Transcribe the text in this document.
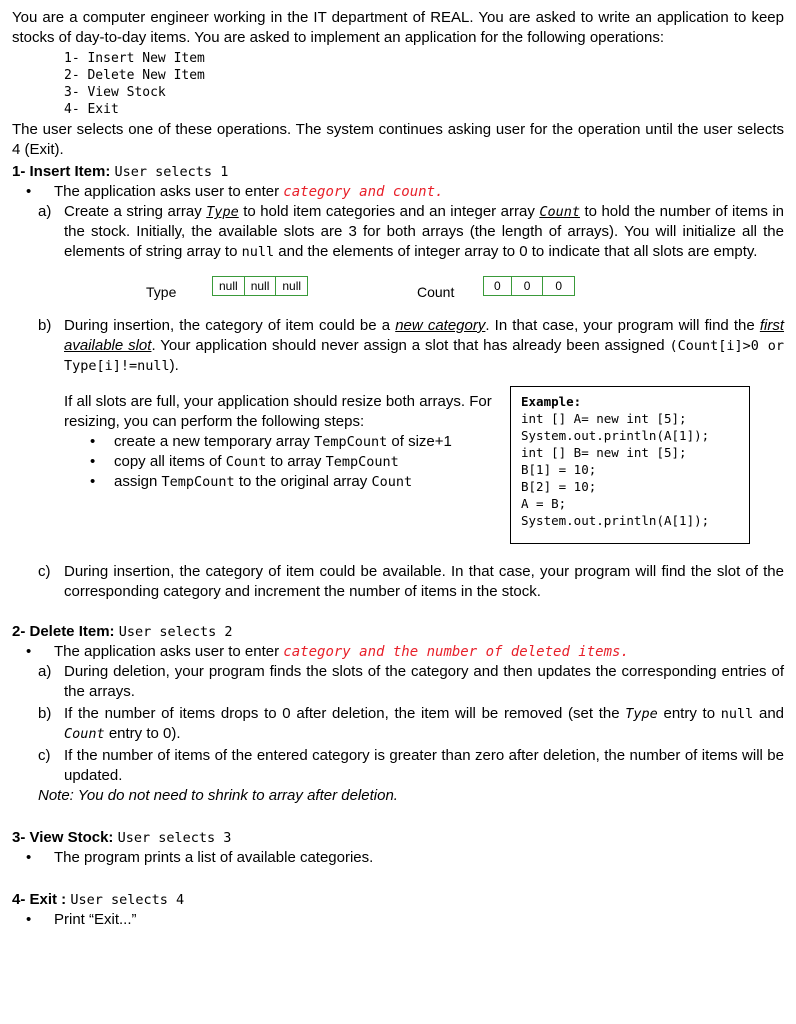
You are a computer engineer working in the IT department of REAL. You are asked to write an application to keep stocks of day-to-day items. You are asked to implement an application for the following operations:

1- Insert New Item
2- Delete New Item
3- View Stock
4- Exit

The user selects one of these operations. The system continues asking user for the operation until the user selects 4 (Exit).

1- Insert Item: User selects 1
• The application asks user to enter category and count.
a) Create a string array Type to hold item categories and an integer array Count to hold the number of items in the stock. Initially, the available slots are 3 for both arrays (the length of arrays). You will initialize all the elements of string array to null and the elements of integer array to 0 to indicate that all slots are empty.
Type	null	null	null	Count	0	0	0
b) During insertion, the category of item could be a new category. In that case, your program will find the first available slot. Your application should never assign a slot that has already been assigned (Count[i]>0 or Type[i]!=null).
If all slots are full, your application should resize both arrays. For resizing, you can perform the following steps:
• create a new temporary array TempCount of size+1
• copy all items of Count to array TempCount
• assign TempCount to the original array Count
Example:
int [] A= new int [5];
System.out.println(A[1]);
int [] B= new int [5];
B[1] = 10;
B[2] = 10;
A = B;
System.out.println(A[1]);
c) During insertion, the category of item could be available. In that case, your program will find the slot of the corresponding category and increment the number of items in the stock.
2- Delete Item: User selects 2
• The application asks user to enter category and the number of deleted items.
a) During deletion, your program finds the slots of the category and then updates the corresponding entries of the arrays.
b) If the number of items drops to 0 after deletion, the item will be removed (set the Type entry to null and Count entry to 0).
c) If the number of items of the entered category is greater than zero after deletion, the number of items will be updated.
Note: You do not need to shrink to array after deletion.
3- View Stock: User selects 3
• The program prints a list of available categories.
4- Exit : User selects 4
• Print “Exit...”
